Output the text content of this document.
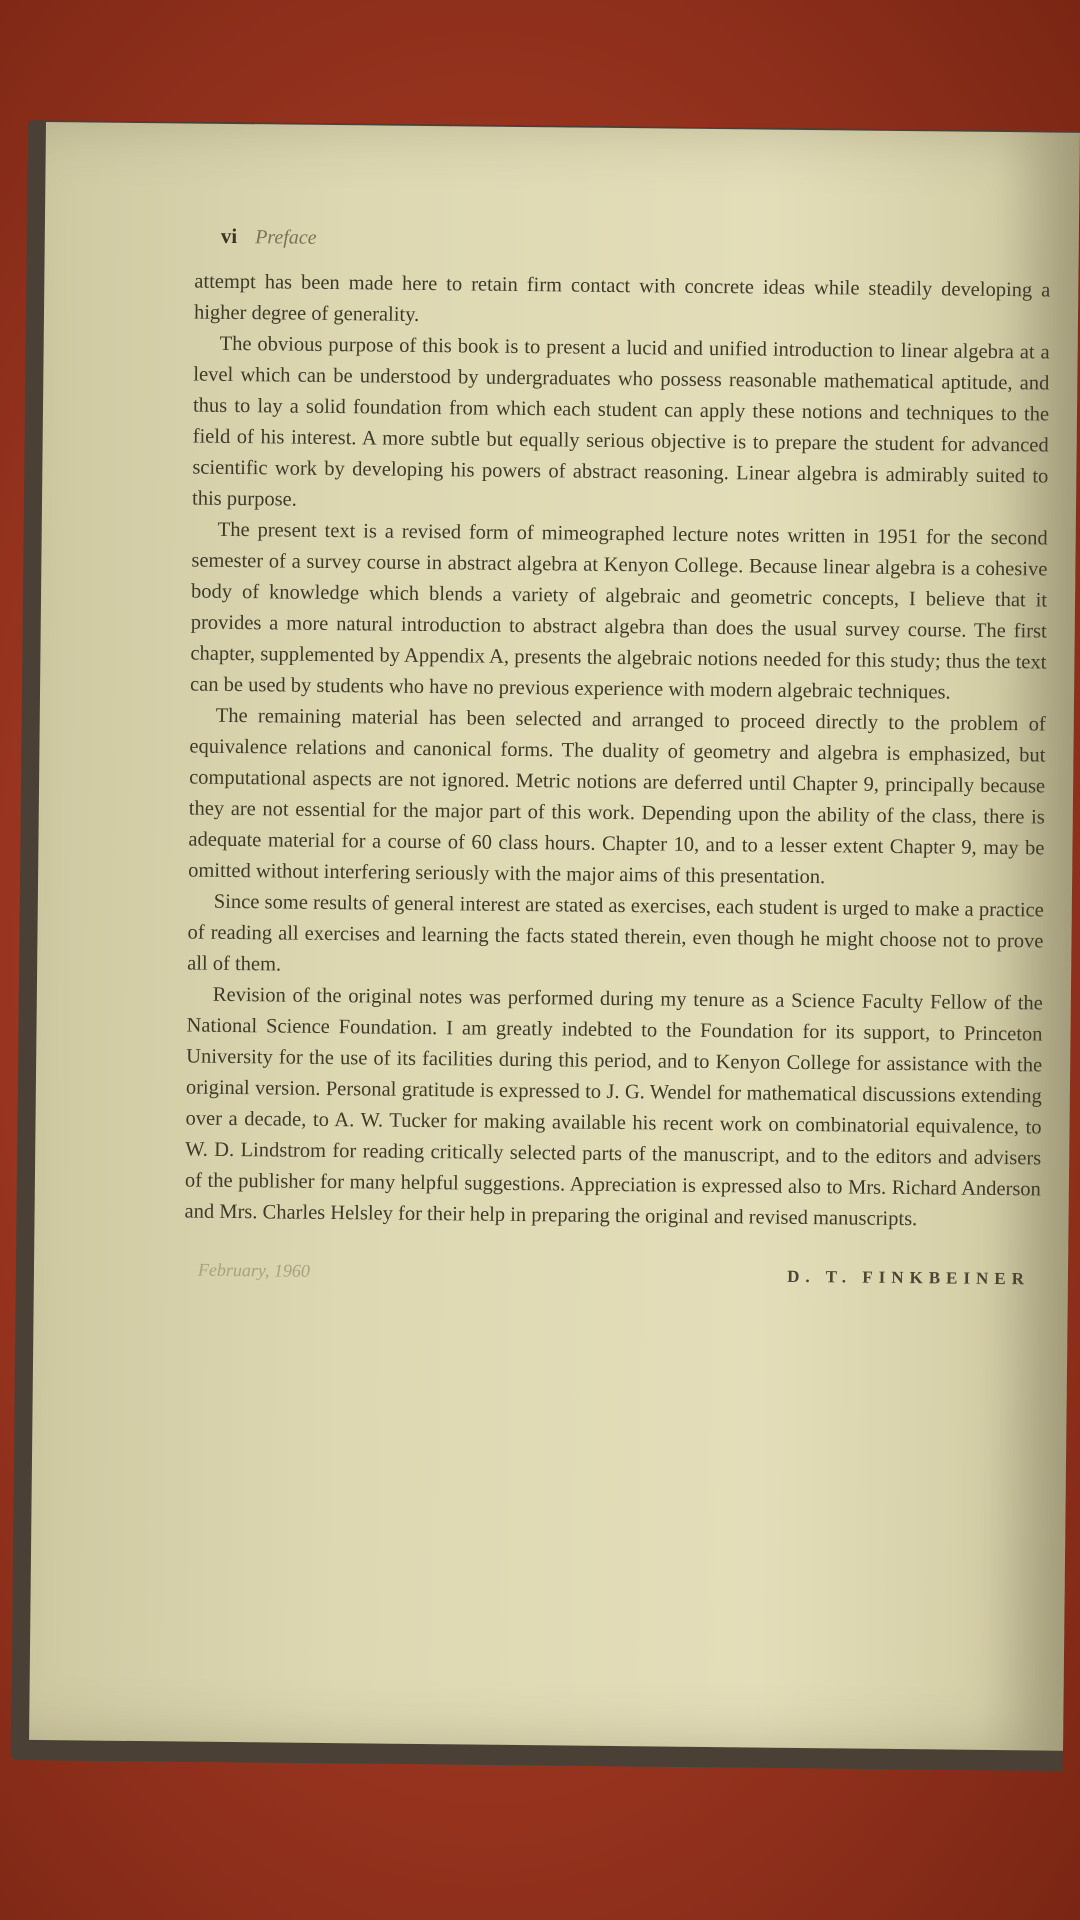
vi Preface

attempt has been made here to retain firm contact with concrete ideas while steadily developing a higher degree of generality.

The obvious purpose of this book is to present a lucid and unified introduction to linear algebra at a level which can be understood by undergraduates who possess reasonable mathematical aptitude, and thus to lay a solid foundation from which each student can apply these notions and techniques to the field of his interest. A more subtle but equally serious objective is to prepare the student for advanced scientific work by developing his powers of abstract reasoning. Linear algebra is admirably suited to this purpose.

The present text is a revised form of mimeographed lecture notes written in 1951 for the second semester of a survey course in abstract algebra at Kenyon College. Because linear algebra is a cohesive body of knowledge which blends a variety of algebraic and geometric concepts, I believe that it provides a more natural introduction to abstract algebra than does the usual survey course. The first chapter, supplemented by Appendix A, presents the algebraic notions needed for this study; thus the text can be used by students who have no previous experience with modern algebraic techniques.

The remaining material has been selected and arranged to proceed directly to the problem of equivalence relations and canonical forms. The duality of geometry and algebra is emphasized, but computational aspects are not ignored. Metric notions are deferred until Chapter 9, principally because they are not essential for the major part of this work. Depending upon the ability of the class, there is adequate material for a course of 60 class hours. Chapter 10, and to a lesser extent Chapter 9, may be omitted without interfering seriously with the major aims of this presentation.

Since some results of general interest are stated as exercises, each student is urged to make a practice of reading all exercises and learning the facts stated therein, even though he might choose not to prove all of them.

Revision of the original notes was performed during my tenure as a Science Faculty Fellow of the National Science Foundation. I am greatly indebted to the Foundation for its support, to Princeton University for the use of its facilities during this period, and to Kenyon College for assistance with the original version. Personal gratitude is expressed to J. G. Wendel for mathematical discussions extending over a decade, to A. W. Tucker for making available his recent work on combinatorial equivalence, to W. D. Lindstrom for reading critically selected parts of the manuscript, and to the editors and advisers of the publisher for many helpful suggestions. Appreciation is expressed also to Mrs. Richard Anderson and Mrs. Charles Helsley for their help in preparing the original and revised manuscripts.

February, 1960	D. T. FINKBEINER
